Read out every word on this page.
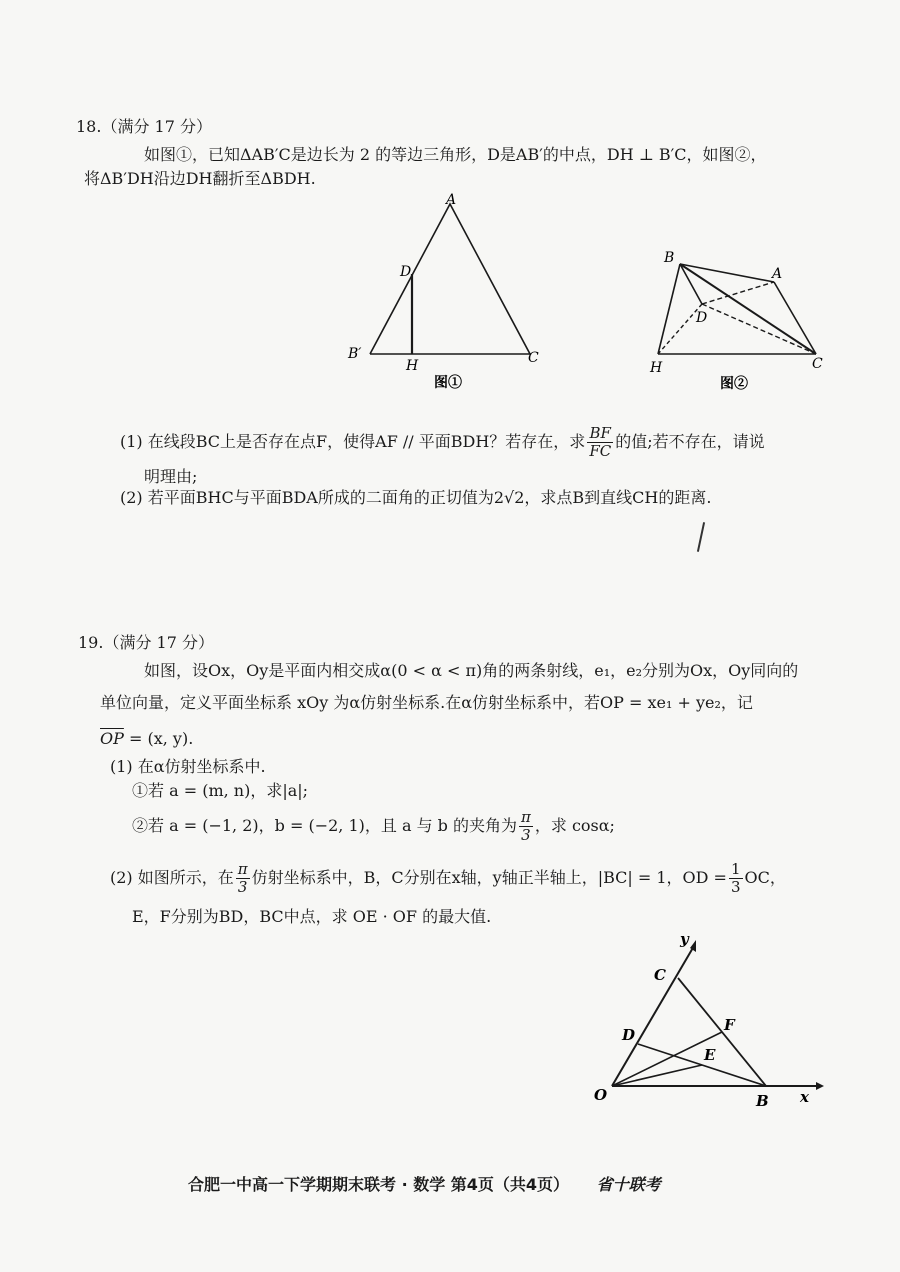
18.（满分 17 分）
如图①，已知ΔAB′C是边长为 2 的等边三角形，D是AB′的中点，DH ⊥ B′C，如图②，
将ΔB′DH沿边DH翻折至ΔBDH.
A
D
B′
H	C
图①
B
A
D
H	C
图②
(1) 在线段BC上是否存在点F，使得AF // 平面BDH？若存在，求 $\frac{BF}{FC}$ 的值;若不存在，请说
明理由;
(2) 若平面BHC与平面BDA所成的二面角的正切值为2√2，求点B到直线CH的距离.
19.（满分 17 分）
如图，设Ox，Oy是平面内相交成α(0 < α < π)角的两条射线，e₁，e₂分别为Ox，Oy同向的
单位向量，定义平面坐标系 xOy 为α仿射坐标系.在α仿射坐标系中，若OP = xe₁ + ye₂，记
$\overline{OP} = (x$, y).
(1) 在α仿射坐标系中.
①若 a = (m, n)，求|a|;
②若 a = (−1, 2)，b = (−2, 1)，且 a 与 b 的夹角为 $\frac{\pi}{3}$ ，求 cosα;
(2) 如图所示，在 $\frac{\pi}{3}$ 仿射坐标系中，B，C分别在x轴，y轴正半轴上，|BC| = 1，OD = $\frac{1}{3}$ OC，
E，F分别为BD，BC中点，求 OE · OF 的最大值.
C
y
D
F
E
O	B x
合肥一中高一下学期期末联考 · 数学 第4页（共4页） 省十联考
